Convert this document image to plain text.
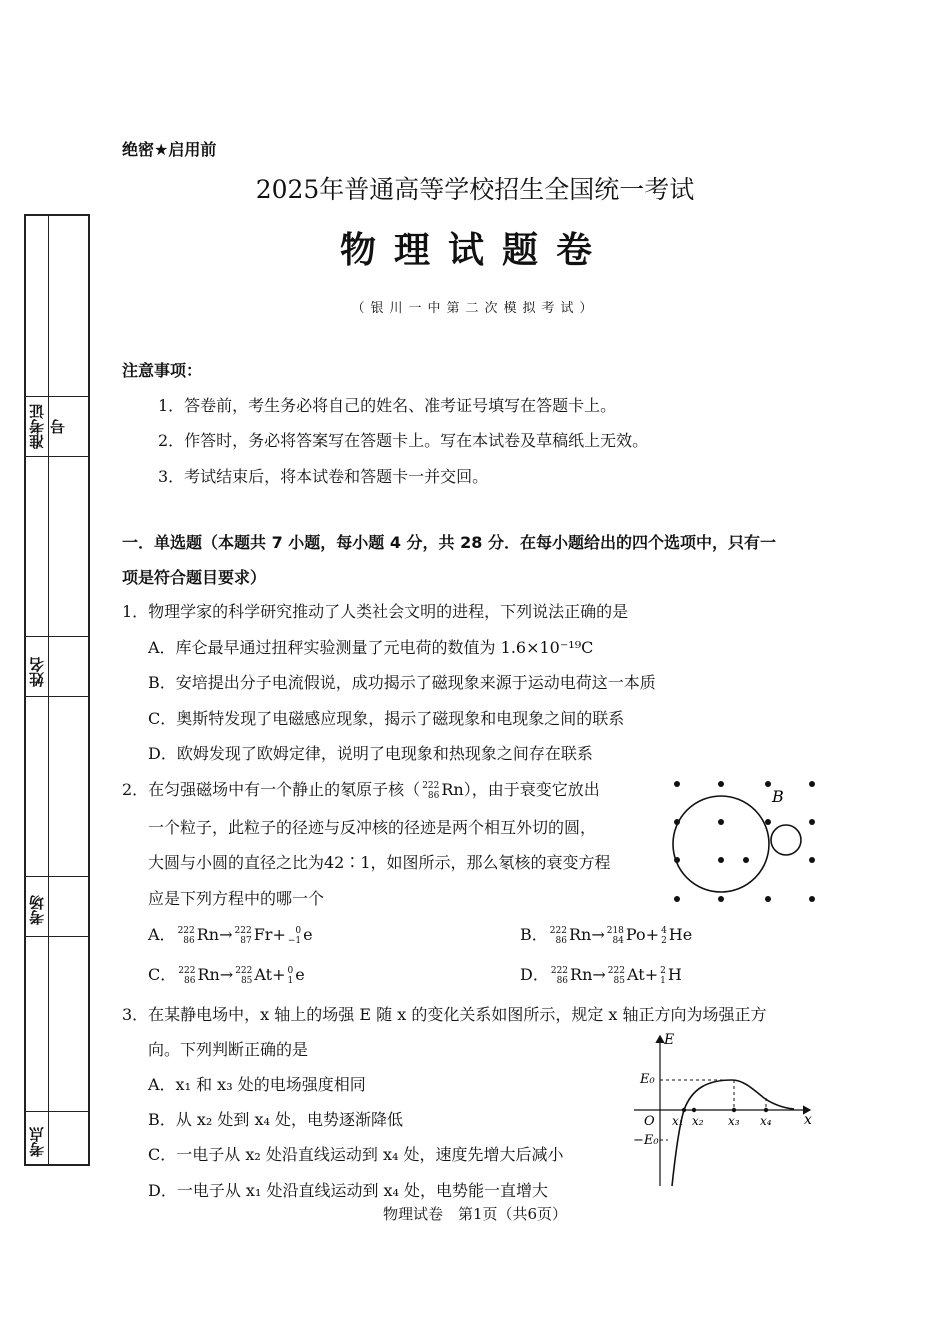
绝密★启用前
2025年普通高等学校招生全国统一考试
物理试题卷
（银川一中第二次模拟考试）
准考证号
姓名
考场
考点
注意事项：
1．答卷前，考生务必将自己的姓名、准考证号填写在答题卡上。
2．作答时，务必将答案写在答题卡上。写在本试卷及草稿纸上无效。
3．考试结束后，将本试卷和答题卡一并交回。
一．单选题（本题共 7 小题，每小题 4 分，共 28 分．在每小题给出的四个选项中，只有一
项是符合题目要求）
1．物理学家的科学研究推动了人类社会文明的进程，下列说法正确的是
A．库仑最早通过扭秤实验测量了元电荷的数值为 1.6×10⁻¹⁹C
B．安培提出分子电流假说，成功揭示了磁现象来源于运动电荷这一本质
C．奥斯特发现了电磁感应现象，揭示了磁现象和电现象之间的联系
D．欧姆发现了欧姆定律，说明了电现象和热现象之间存在联系
2．在匀强磁场中有一个静止的氡原子核（ 222
86 Rn），由于衰变它放出
一个粒子，此粒子的径迹与反冲核的径迹是两个相互外切的圆，
大圆与小圆的直径之比为42∶1，如图所示，那么氡核的衰变方程
应是下列方程中的哪一个
B
A． 222
86 Rn→ 222
87 Fr+	0
−1 e	B． 222
86 Rn→ 218
84 Po+ 4
2 He
C． 222
86 Rn→ 222
85 At+ 0
1 e	D． 222
86 Rn→ 222
85 At+ 2
1 H
3．在某静电场中，x 轴上的场强 E 随 x 的变化关系如图所示，规定 x 轴正方向为场强正方
向。下列判断正确的是
A．x₁ 和 x₃ 处的电场强度相同
B．从 x₂ 处到 x₄ 处，电势逐渐降低
C．一电子从 x₂ 处沿直线运动到 x₄ 处，速度先增大后减小
D．一电子从 x₁ 处沿直线运动到 x₄ 处，电势能一直增大
E
x
O
E₀
−E₀
x₁ x₂ x₃ x₄
物理试卷　第1页（共6页）
